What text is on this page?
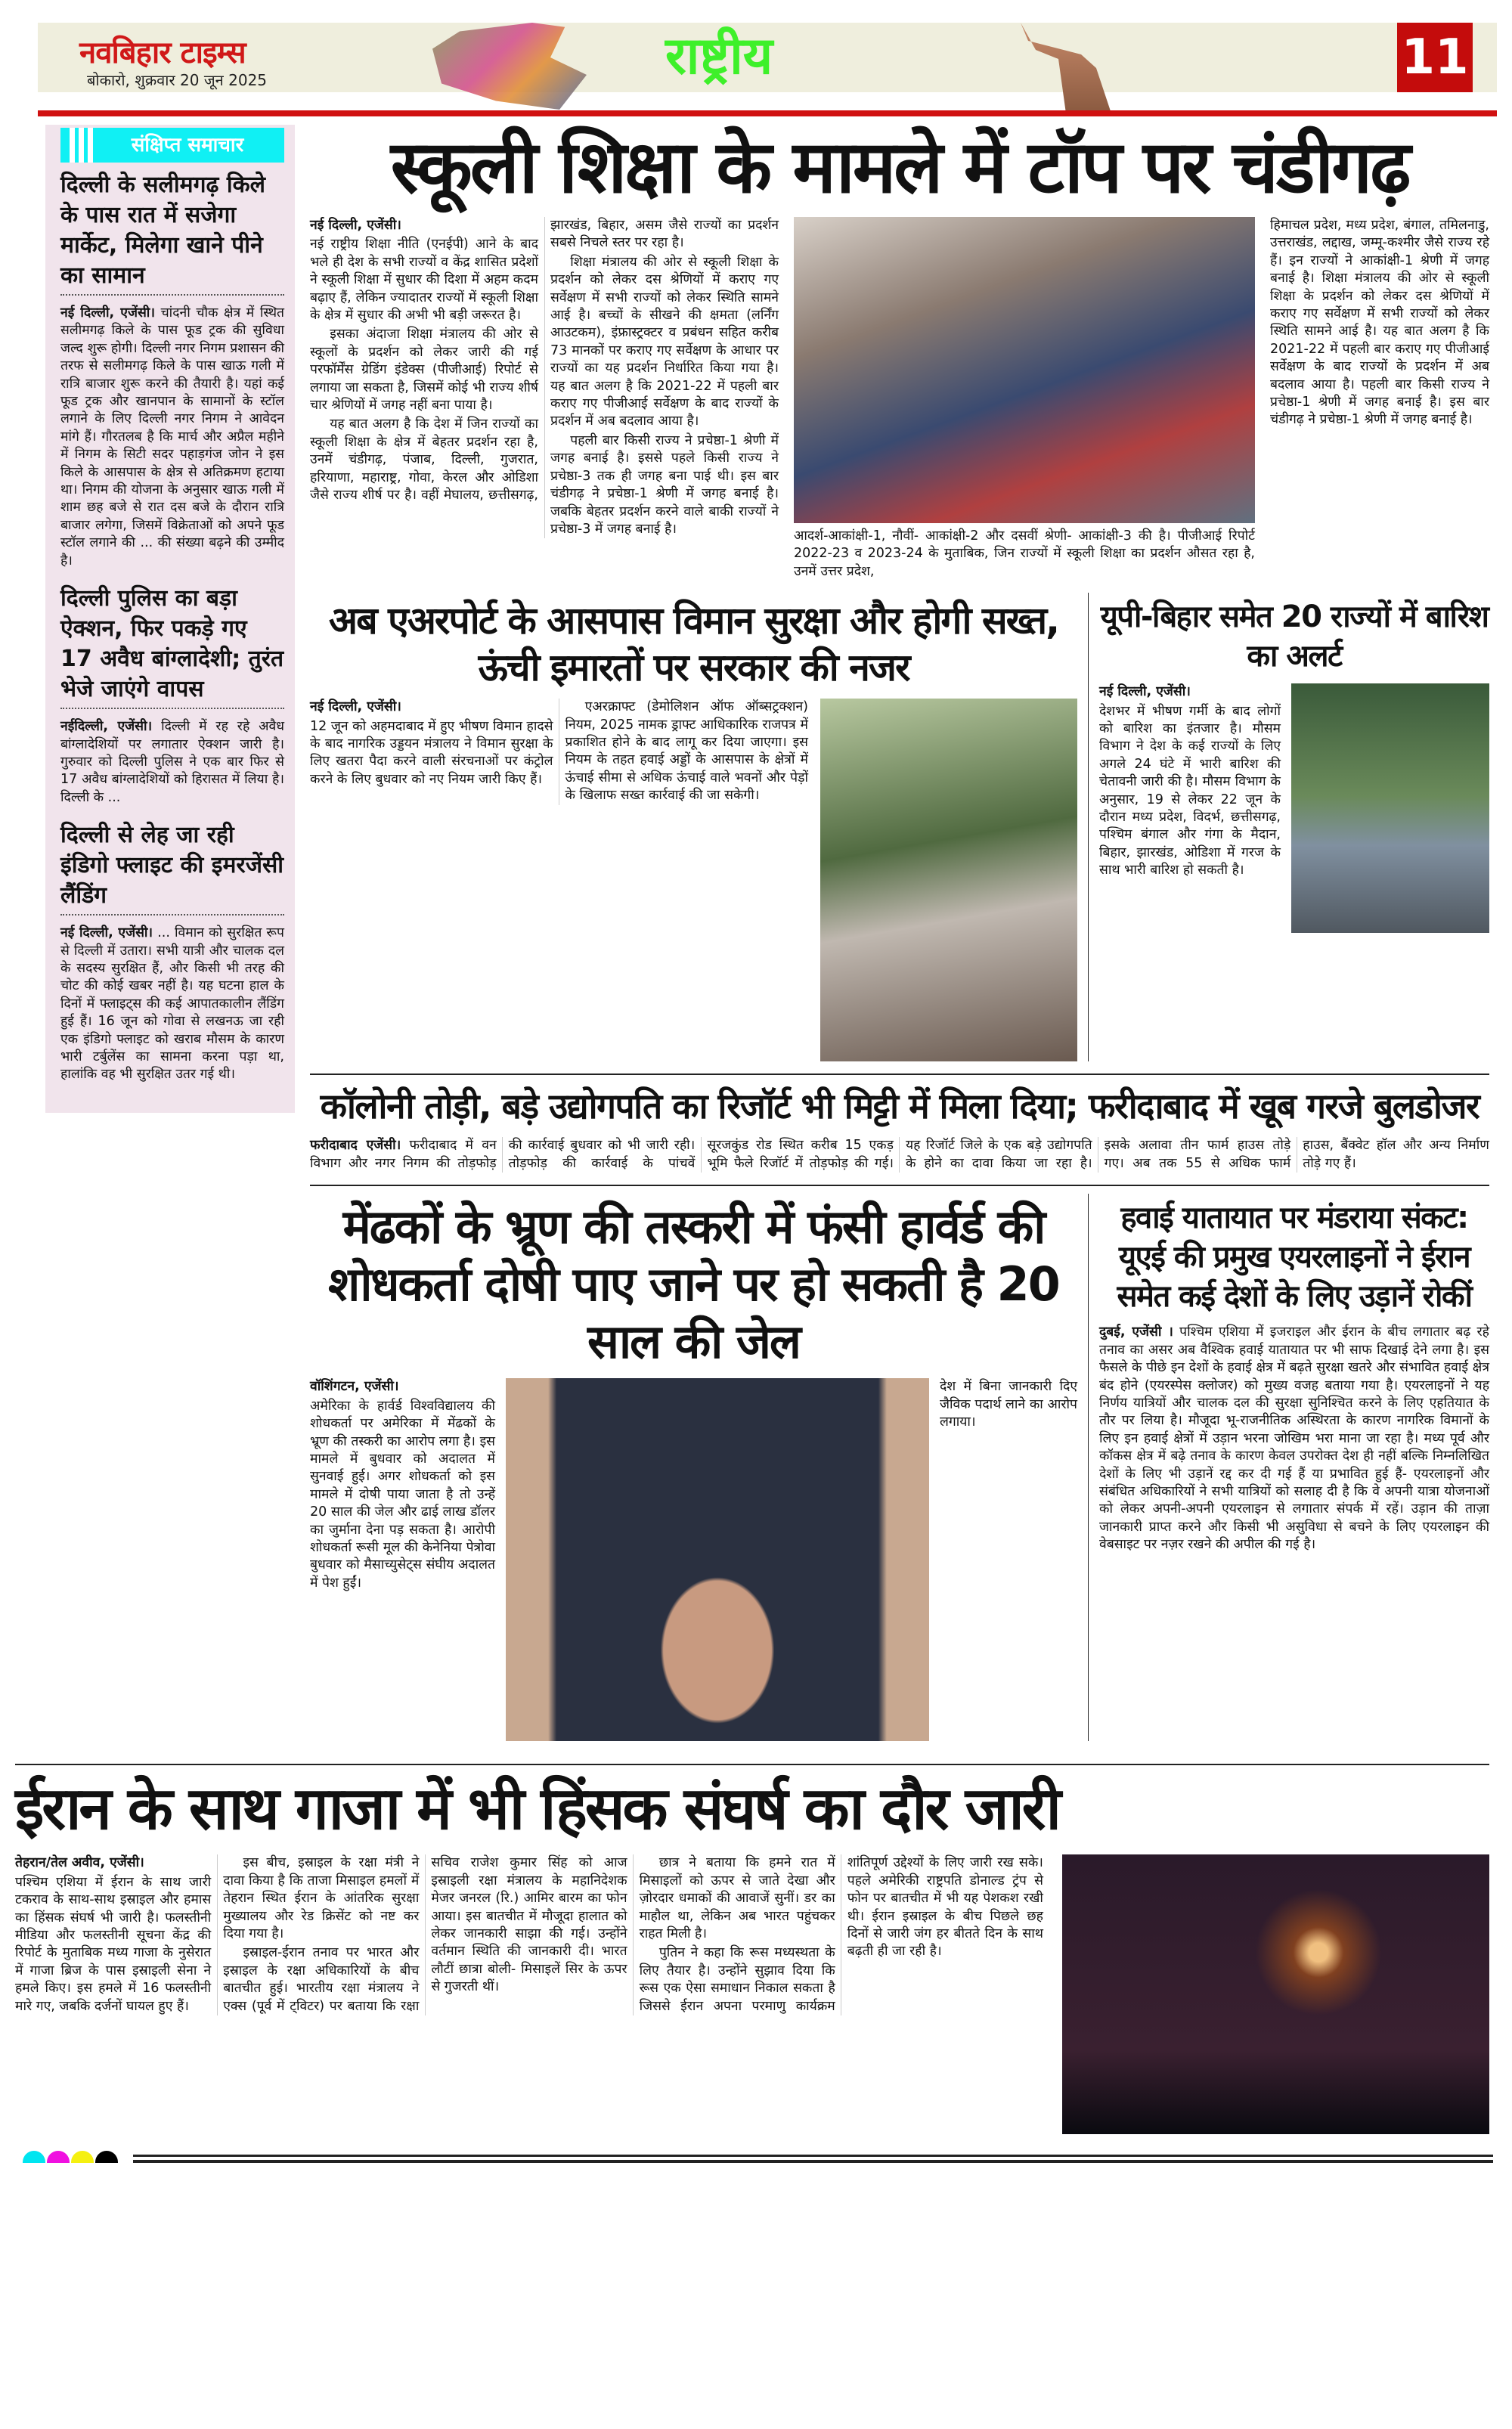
नवबिहार टाइम्स
बोकारो, शुक्रवार 20 जून 2025	राष्ट्रीय	11
संक्षिप्त समाचार
दिल्ली के सलीमगढ़ किले के पास रात में सजेगा मार्केट, मिलेगा खाने पीने का सामान

नई दिल्ली, एजेंसी। चांदनी चौक क्षेत्र में स्थित सलीमगढ़ किले के पास फूड ट्रक की सुविधा जल्द शुरू होगी। दिल्ली नगर निगम प्रशासन की तरफ से सलीमगढ़ किले के पास खाऊ गली में रात्रि बाजार शुरू करने की तैयारी है। यहां कई फूड ट्रक और खानपान के सामानों के स्टॉल लगाने के लिए दिल्ली नगर निगम ने आवेदन मांगे हैं। गौरतलब है कि मार्च और अप्रैल महीने में निगम के सिटी सदर पहाड़गंज जोन ने इस किले के आसपास के क्षेत्र से अतिक्रमण हटाया था। निगम की योजना के अनुसार खाऊ गली में शाम छह बजे से रात दस बजे के दौरान रात्रि बाजार लगेगा, जिसमें विक्रेताओं को अपने फूड स्टॉल लगाने की ... की संख्या बढ़ने की उम्मीद है।

दिल्ली पुलिस का बड़ा ऐक्शन, फिर पकड़े गए 17 अवैध बांग्लादेशी; तुरंत भेजे जाएंगे वापस

नईदिल्ली, एजेंसी। दिल्ली में रह रहे अवैध बांग्लादेशियों पर लगातार ऐक्शन जारी है। गुरुवार को दिल्ली पुलिस ने एक बार फिर से 17 अवैध बांग्लादेशियों को हिरासत में लिया है। दिल्ली के ...

दिल्ली से लेह जा रही इंडिगो फ्लाइट की इमरजेंसी लैंडिंग

नई दिल्ली, एजेंसी। ... विमान को सुरक्षित रूप से दिल्ली में उतारा। सभी यात्री और चालक दल के सदस्य सुरक्षित हैं, और किसी भी तरह की चोट की कोई खबर नहीं है। यह घटना हाल के दिनों में फ्लाइट्स की कई आपातकालीन लैंडिंग हुई हैं। 16 जून को गोवा से लखनऊ जा रही एक इंडिगो फ्लाइट को खराब मौसम के कारण भारी टर्बुलेंस का सामना करना पड़ा था, हालांकि वह भी सुरक्षित उतर गई थी।

स्कूली शिक्षा के मामले में टॉप पर चंडीगढ़

नई दिल्ली, एजेंसी।

नई राष्ट्रीय शिक्षा नीति (एनईपी) आने के बाद भले ही देश के सभी राज्यों व केंद्र शासित प्रदेशों ने स्कूली शिक्षा में सुधार की दिशा में अहम कदम बढ़ाए हैं, लेकिन ज्यादातर राज्यों में स्कूली शिक्षा के क्षेत्र में सुधार की अभी भी बड़ी जरूरत है।

इसका अंदाजा शिक्षा मंत्रालय की ओर से स्कूलों के प्रदर्शन को लेकर जारी की गई परफॉर्मेंस ग्रेडिंग इंडेक्स (पीजीआई) रिपोर्ट से लगाया जा सकता है, जिसमें कोई भी राज्य शीर्ष चार श्रेणियों में जगह नहीं बना पाया है।

यह बात अलग है कि देश में जिन राज्यों का स्कूली शिक्षा के क्षेत्र में बेहतर प्रदर्शन रहा है, उनमें चंडीगढ़, पंजाब, दिल्ली, गुजरात, हरियाणा, महाराष्ट्र, गोवा, केरल और ओडिशा जैसे राज्य शीर्ष पर है। वहीं मेघालय, छत्तीसगढ़, झारखंड, बिहार, असम जैसे राज्यों का प्रदर्शन सबसे निचले स्तर पर रहा है।

शिक्षा मंत्रालय की ओर से स्कूली शिक्षा के प्रदर्शन को लेकर दस श्रेणियों में कराए गए सर्वेक्षण में सभी राज्यों को लेकर स्थिति सामने आई है। बच्चों के सीखने की क्षमता (लर्निंग आउटकम), इंफ्रास्ट्रक्टर व प्रबंधन सहित करीब 73 मानकों पर कराए गए सर्वेक्षण के आधार पर राज्यों का यह प्रदर्शन निर्धारित किया गया है। यह बात अलग है कि 2021-22 में पहली बार कराए गए पीजीआई सर्वेक्षण के बाद राज्यों के प्रदर्शन में अब बदलाव आया है।

पहली बार किसी राज्य ने प्रचेष्ठा-1 श्रेणी में जगह बनाई है। इससे पहले किसी राज्य ने प्रचेष्ठा-3 तक ही जगह बना पाई थी। इस बार चंडीगढ़ ने प्रचेष्ठा-1 श्रेणी में जगह बनाई है। जबकि बेहतर प्रदर्शन करने वाले बाकी राज्यों ने प्रचेष्ठा-3 में जगह बनाई है।	आदर्श-आकांक्षी-1, नौवीं- आकांक्षी-2 और दसवीं श्रेणी- आकांक्षी-3 की है। पीजीआई रिपोर्ट 2022-23 व 2023-24 के मुताबिक, जिन राज्यों में स्कूली शिक्षा का प्रदर्शन औसत रहा है, उनमें उत्तर प्रदेश,
हिमाचल प्रदेश, मध्य प्रदेश, बंगाल, तमिलनाडु, उत्तराखंड, लद्दाख, जम्मू-कश्मीर जैसे राज्य रहे हैं। इन राज्यों ने आकांक्षी-1 श्रेणी में जगह बनाई है। शिक्षा मंत्रालय की ओर से स्कूली शिक्षा के प्रदर्शन को लेकर दस श्रेणियों में कराए गए सर्वेक्षण में सभी राज्यों को लेकर स्थिति सामने आई है। यह बात अलग है कि 2021-22 में पहली बार कराए गए पीजीआई सर्वेक्षण के बाद राज्यों के प्रदर्शन में अब बदलाव आया है। पहली बार किसी राज्य ने प्रचेष्ठा-1 श्रेणी में जगह बनाई है। इस बार चंडीगढ़ ने प्रचेष्ठा-1 श्रेणी में जगह बनाई है।
अब एअरपोर्ट के आसपास विमान सुरक्षा और होगी सख्त, ऊंची इमारतों पर सरकार की नजर

नई दिल्ली, एजेंसी।

12 जून को अहमदाबाद में हुए भीषण विमान हादसे के बाद नागरिक उड्डयन मंत्रालय ने विमान सुरक्षा के लिए खतरा पैदा करने वाली संरचनाओं पर कंट्रोल करने के लिए बुधवार को नए नियम जारी किए हैं।

एअरक्राफ्ट (डेमोलिशन ऑफ ऑब्सट्रक्शन) नियम, 2025 नामक ड्राफ्ट आधिकारिक राजपत्र में प्रकाशित होने के बाद लागू कर दिया जाएगा। इस नियम के तहत हवाई अड्डों के आसपास के क्षेत्रों में ऊंचाई सीमा से अधिक ऊंचाई वाले भवनों और पेड़ों के खिलाफ सख्त कार्रवाई की जा सकेगी।

यूपी-बिहार समेत 20 राज्यों में बारिश का अलर्ट

नई दिल्ली, एजेंसी।

देशभर में भीषण गर्मी के बाद लोगों को बारिश का इंतजार है। मौसम विभाग ने देश के कई राज्यों के लिए अगले 24 घंटे में भारी बारिश की चेतावनी जारी की है। मौसम विभाग के अनुसार, 19 से लेकर 22 जून के दौरान मध्य प्रदेश, विदर्भ, छत्तीसगढ़, पश्चिम बंगाल और गंगा के मैदान, बिहार, झारखंड, ओडिशा में गरज के साथ भारी बारिश हो सकती है।

कॉलोनी तोड़ी, बड़े उद्योगपति का रिजॉर्ट भी मिट्टी में मिला दिया; फरीदाबाद में खूब गरजे बुलडोजर

फरीदाबाद एजेंसी। फरीदाबाद में वन विभाग और नगर निगम की तोड़फोड़ की कार्रवाई बुधवार को भी जारी रही। तोड़फोड़ की कार्रवाई के पांचवें सूरजकुंड रोड स्थित करीब 15 एकड़ भूमि फैले रिजॉर्ट में तोड़फोड़ की गई। यह रिजॉर्ट जिले के एक बड़े उद्योगपति के होने का दावा किया जा रहा है। इसके अलावा तीन फार्म हाउस तोड़े गए। अब तक 55 से अधिक फार्म हाउस, बैंक्वेट हॉल और अन्य निर्माण तोड़े गए हैं।

मेंढकों के भ्रूण की तस्करी में फंसी हार्वर्ड की शोधकर्ता दोषी पाए जाने पर हो सकती है 20 साल की जेल

वॉशिंगटन, एजेंसी।

अमेरिका के हार्वर्ड विश्वविद्यालय की शोधकर्ता पर अमेरिका में मेंढकों के भ्रूण की तस्करी का आरोप लगा है। इस मामले में बुधवार को अदालत में सुनवाई हुई। अगर शोधकर्ता को इस मामले में दोषी पाया जाता है तो उन्हें 20 साल की जेल और ढाई लाख डॉलर का जुर्माना देना पड़ सकता है। आरोपी शोधकर्ता रूसी मूल की केनेनिया पेत्रोवा बुधवार को मैसाच्युसेट्स संघीय अदालत में पेश हुईं।

देश में बिना जानकारी दिए जैविक पदार्थ लाने का आरोप लगाया।
हवाई यातायात पर मंडराया संकट: यूएई की प्रमुख एयरलाइनों ने ईरान समेत कई देशों के लिए उड़ानें रोकीं

दुबई, एजेंसी । पश्चिम एशिया में इजराइल और ईरान के बीच लगातार बढ़ रहे तनाव का असर अब वैश्विक हवाई यातायात पर भी साफ दिखाई देने लगा है। इस फैसले के पीछे इन देशों के हवाई क्षेत्र में बढ़ते सुरक्षा खतरे और संभावित हवाई क्षेत्र बंद होने (एयरस्पेस क्लोजर) को मुख्य वजह बताया गया है। एयरलाइनों ने यह निर्णय यात्रियों और चालक दल की सुरक्षा सुनिश्चित करने के लिए एहतियात के तौर पर लिया है। मौजूदा भू-राजनीतिक अस्थिरता के कारण नागरिक विमानों के लिए इन हवाई क्षेत्रों में उड़ान भरना जोखिम भरा माना जा रहा है। मध्य पूर्व और कॉकस क्षेत्र में बढ़े तनाव के कारण केवल उपरोक्त देश ही नहीं बल्कि निम्नलिखित देशों के लिए भी उड़ानें रद्द कर दी गई हैं या प्रभावित हुई हैं- एयरलाइनों और संबंधित अधिकारियों ने सभी यात्रियों को सलाह दी है कि वे अपनी यात्रा योजनाओं को लेकर अपनी-अपनी एयरलाइन से लगातार संपर्क में रहें। उड़ान की ताज़ा जानकारी प्राप्त करने और किसी भी असुविधा से बचने के लिए एयरलाइन की वेबसाइट पर नज़र रखने की अपील की गई है।

ईरान के साथ गाजा में भी हिंसक संघर्ष का दौर जारी

तेहरान/तेल अवीव, एजेंसी।

पश्चिम एशिया में ईरान के साथ जारी टकराव के साथ-साथ इस्राइल और हमास का हिंसक संघर्ष भी जारी है। फलस्तीनी मीडिया और फलस्तीनी सूचना केंद्र की रिपोर्ट के मुताबिक मध्य गाजा के नुसेरात में गाजा ब्रिज के पास इस्राइली सेना ने हमले किए। इस हमले में 16 फलस्तीनी मारे गए, जबकि दर्जनों घायल हुए हैं।

इस बीच, इस्राइल के रक्षा मंत्री ने दावा किया है कि ताजा मिसाइल हमलों में तेहरान स्थित ईरान के आंतरिक सुरक्षा मुख्यालय और रेड क्रिसेंट को नष्ट कर दिया गया है।

इस्राइल-ईरान तनाव पर भारत और इस्राइल के रक्षा अधिकारियों के बीच बातचीत हुई। भारतीय रक्षा मंत्रालय ने एक्स (पूर्व में ट्विटर) पर बताया कि रक्षा सचिव राजेश कुमार सिंह को आज इस्राइली रक्षा मंत्रालय के महानिदेशक मेजर जनरल (रि.) आमिर बारम का फोन आया। इस बातचीत में मौजूदा हालात को लेकर जानकारी साझा की गई। उन्होंने वर्तमान स्थिति की जानकारी दी। भारत लौटीं छात्रा बोली- मिसाइलें सिर के ऊपर से गुजरती थीं।

छात्र ने बताया कि हमने रात में मिसाइलों को ऊपर से जाते देखा और ज़ोरदार धमाकों की आवाजें सुनीं। डर का माहौल था, लेकिन अब भारत पहुंचकर राहत मिली है।

पुतिन ने कहा कि रूस मध्यस्थता के लिए तैयार है। उन्होंने सुझाव दिया कि रूस एक ऐसा समाधान निकाल सकता है जिससे ईरान अपना परमाणु कार्यक्रम शांतिपूर्ण उद्देश्यों के लिए जारी रख सके। पहले अमेरिकी राष्ट्रपति डोनाल्ड ट्रंप से फोन पर बातचीत में भी यह पेशकश रखी थी। ईरान इस्राइल के बीच पिछले छह दिनों से जारी जंग हर बीतते दिन के साथ बढ़ती ही जा रही है।
